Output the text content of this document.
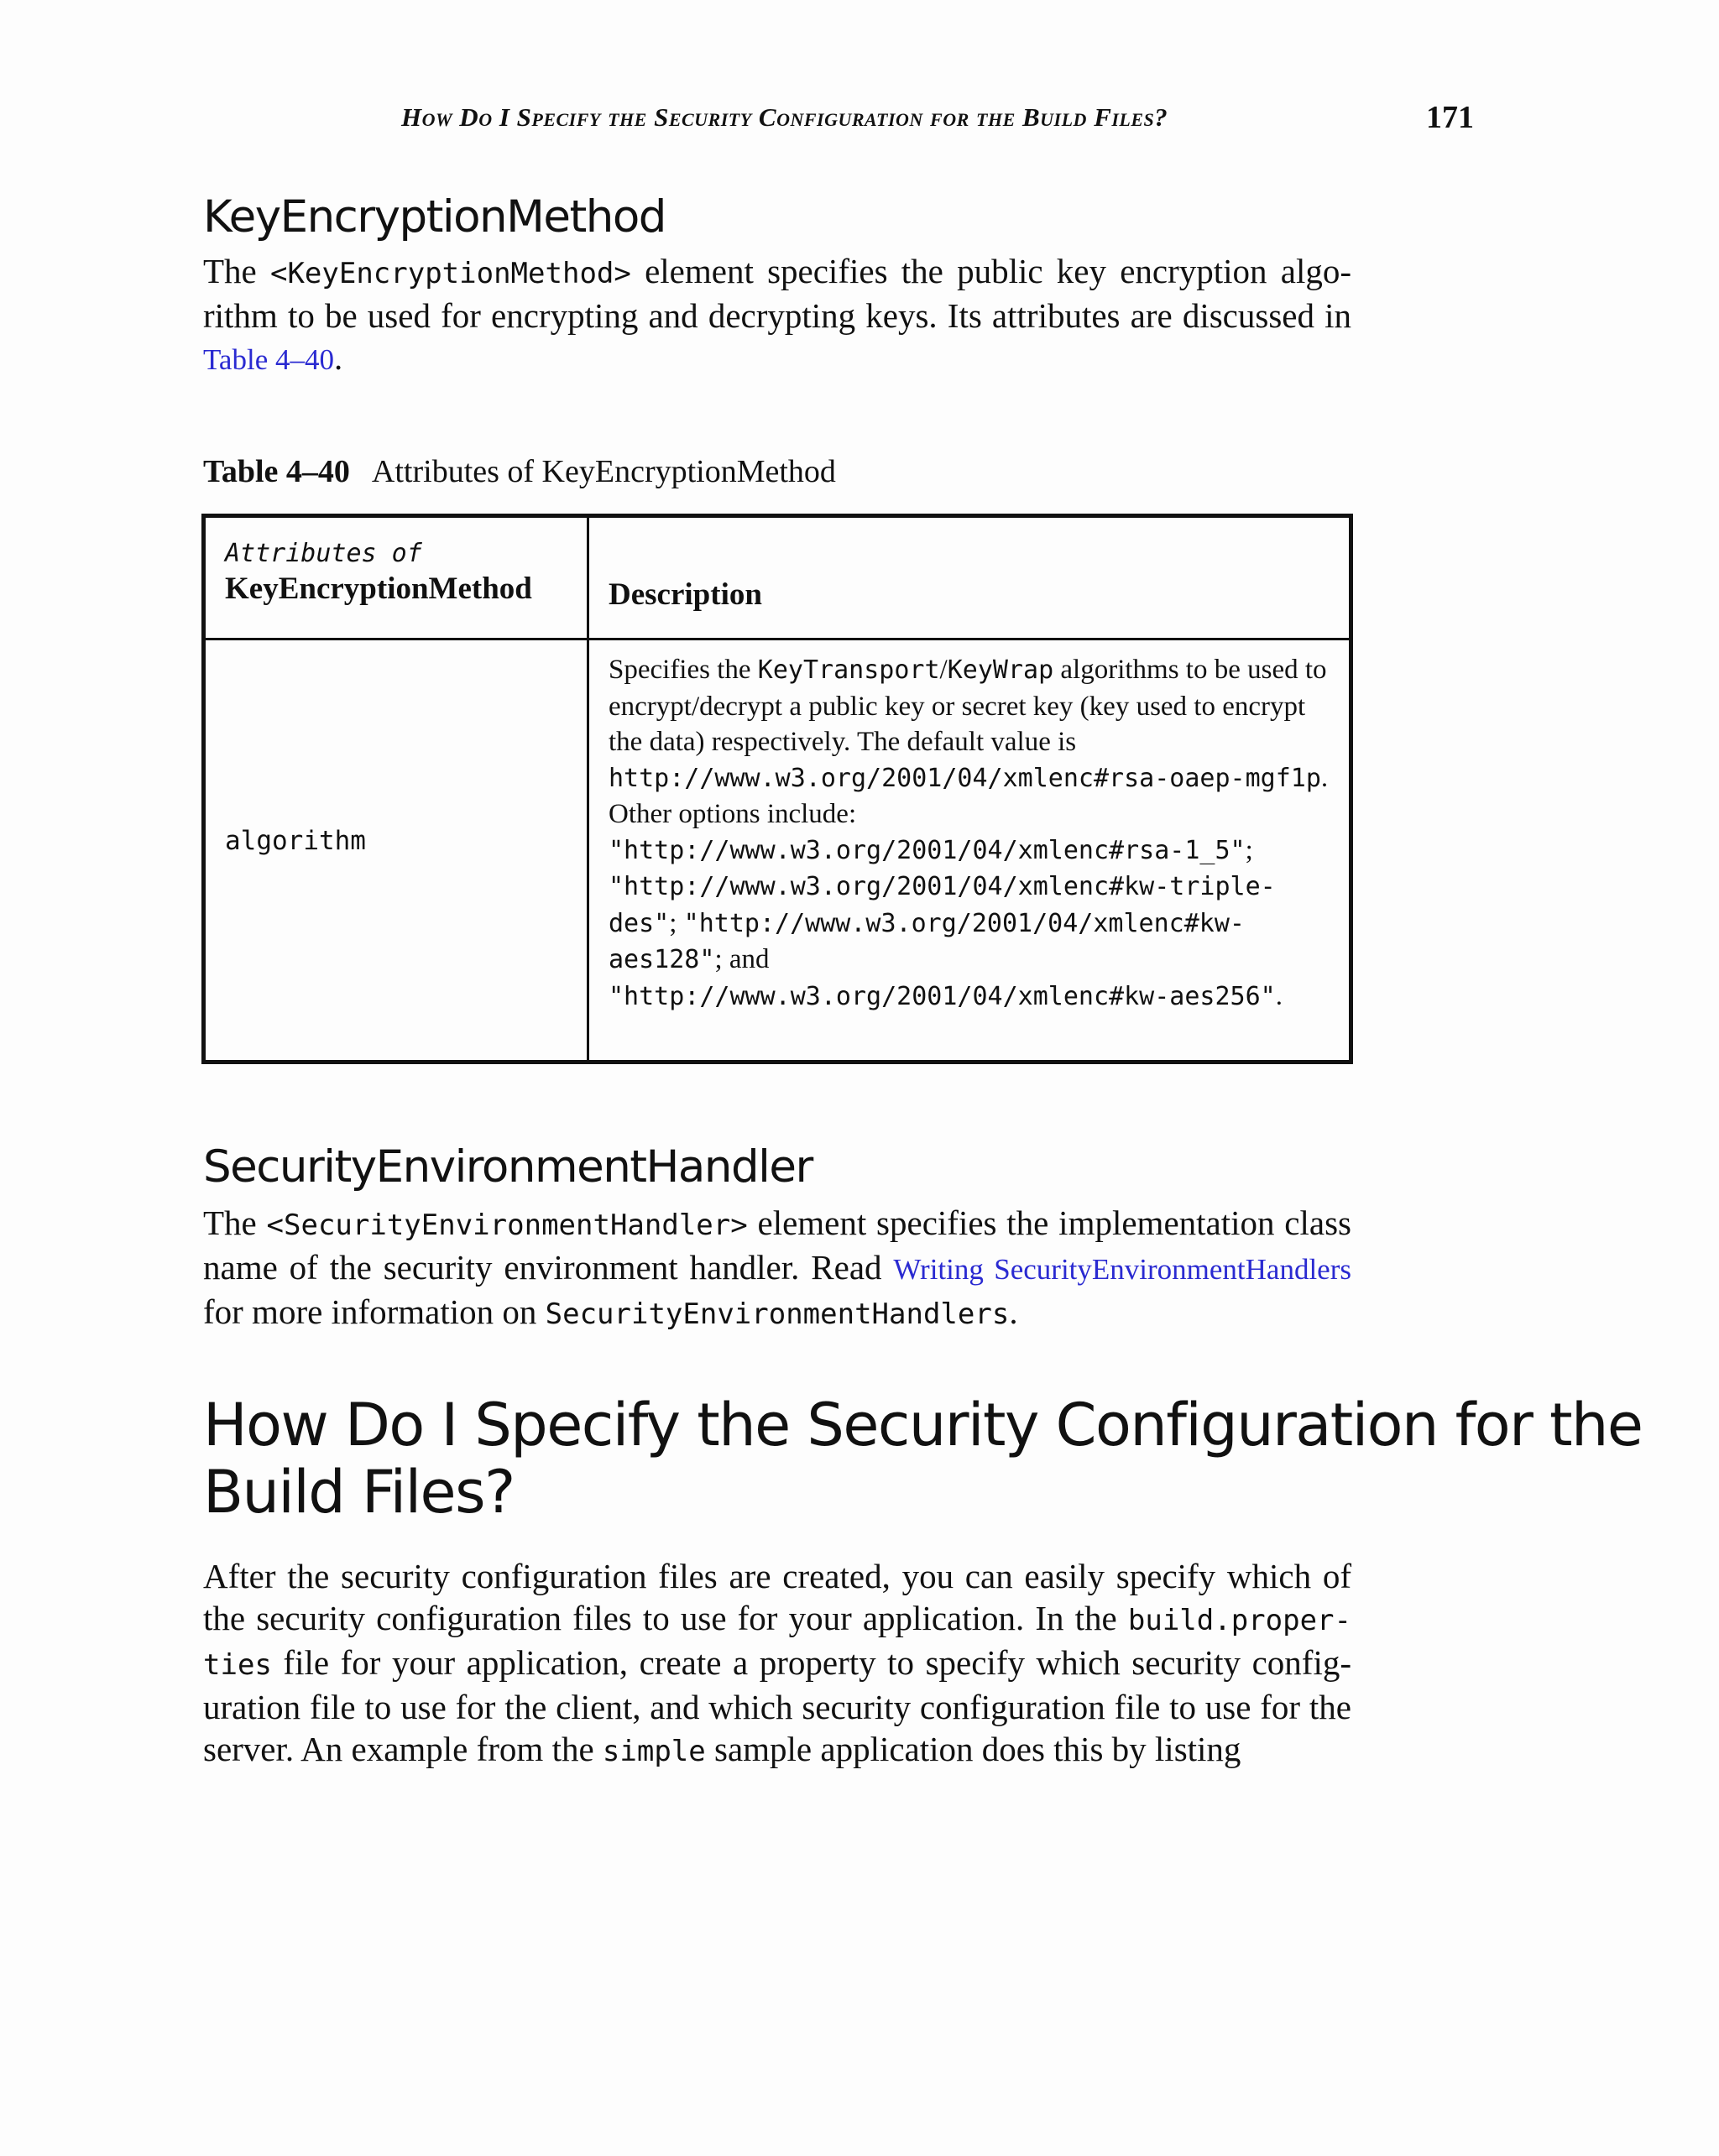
How Do I Specify the Security Configuration for the Build Files?	171
KeyEncryptionMethod

The <KeyEncryptionMethod> element specifies the public key encryption algo-rithm to be used for encrypting and decrypting keys. Its attributes are discussed in Table 4–40.

Table 4–40 Attributes of KeyEncryptionMethod
Attributes of
KeyEncryptionMethod Description
algorithm
Specifies the KeyTransport/KeyWrap algorithms to be used to encrypt/decrypt a public key or secret key (key used to encrypt the data) respectively. The default value is http://www.w3.org/2001/04/xmlenc#rsa-oaep-mgf1p. Other options include: "http://www.w3.org/2001/04/xmlenc#rsa-1_5"; "http://www.w3.org/2001/04/xmlenc#kw-triple-des"; "http://www.w3.org/2001/04/xmlenc#kw-aes128"; and "http://www.w3.org/2001/04/xmlenc#kw-aes256".
SecurityEnvironmentHandler

The <SecurityEnvironmentHandler> element specifies the implementation class name of the security environment handler. Read Writing SecurityEnvironmentHandlers for more information on SecurityEnvironmentHandlers.

How Do I Specify the Security Configuration for the Build Files?

After the security configuration files are created, you can easily specify which of the security configuration files to use for your application. In the build.proper-ties file for your application, create a property to specify which security config-uration file to use for the client, and which security configuration file to use for the server. An example from the simple sample application does this by listing
